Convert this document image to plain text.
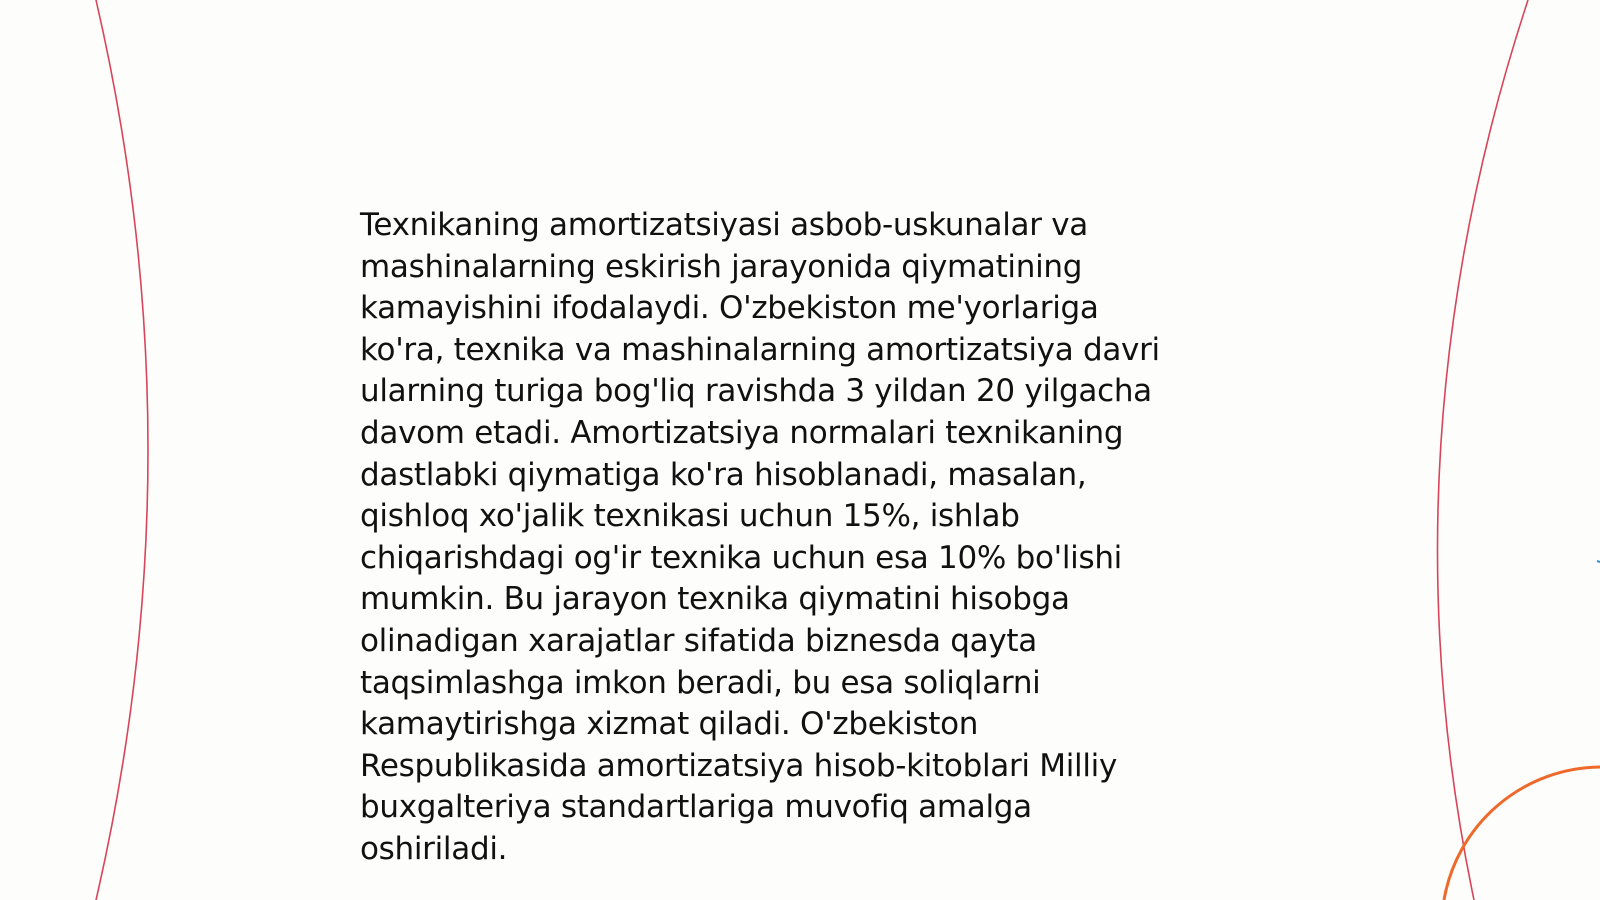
Texnikaning amortizatsiyasi asbob-uskunalar va
mashinalarning eskirish jarayonida qiymatining
kamayishini ifodalaydi. O'zbekiston me'yorlariga
ko'ra, texnika va mashinalarning amortizatsiya davri
ularning turiga bog'liq ravishda 3 yildan 20 yilgacha
davom etadi. Amortizatsiya normalari texnikaning
dastlabki qiymatiga ko'ra hisoblanadi, masalan,
qishloq xo'jalik texnikasi uchun 15%, ishlab
chiqarishdagi og'ir texnika uchun esa 10% bo'lishi
mumkin. Bu jarayon texnika qiymatini hisobga
olinadigan xarajatlar sifatida biznesda qayta
taqsimlashga imkon beradi, bu esa soliqlarni
kamaytirishga xizmat qiladi. O'zbekiston
Respublikasida amortizatsiya hisob-kitoblari Milliy
buxgalteriya standartlariga muvofiq amalga
oshiriladi.
